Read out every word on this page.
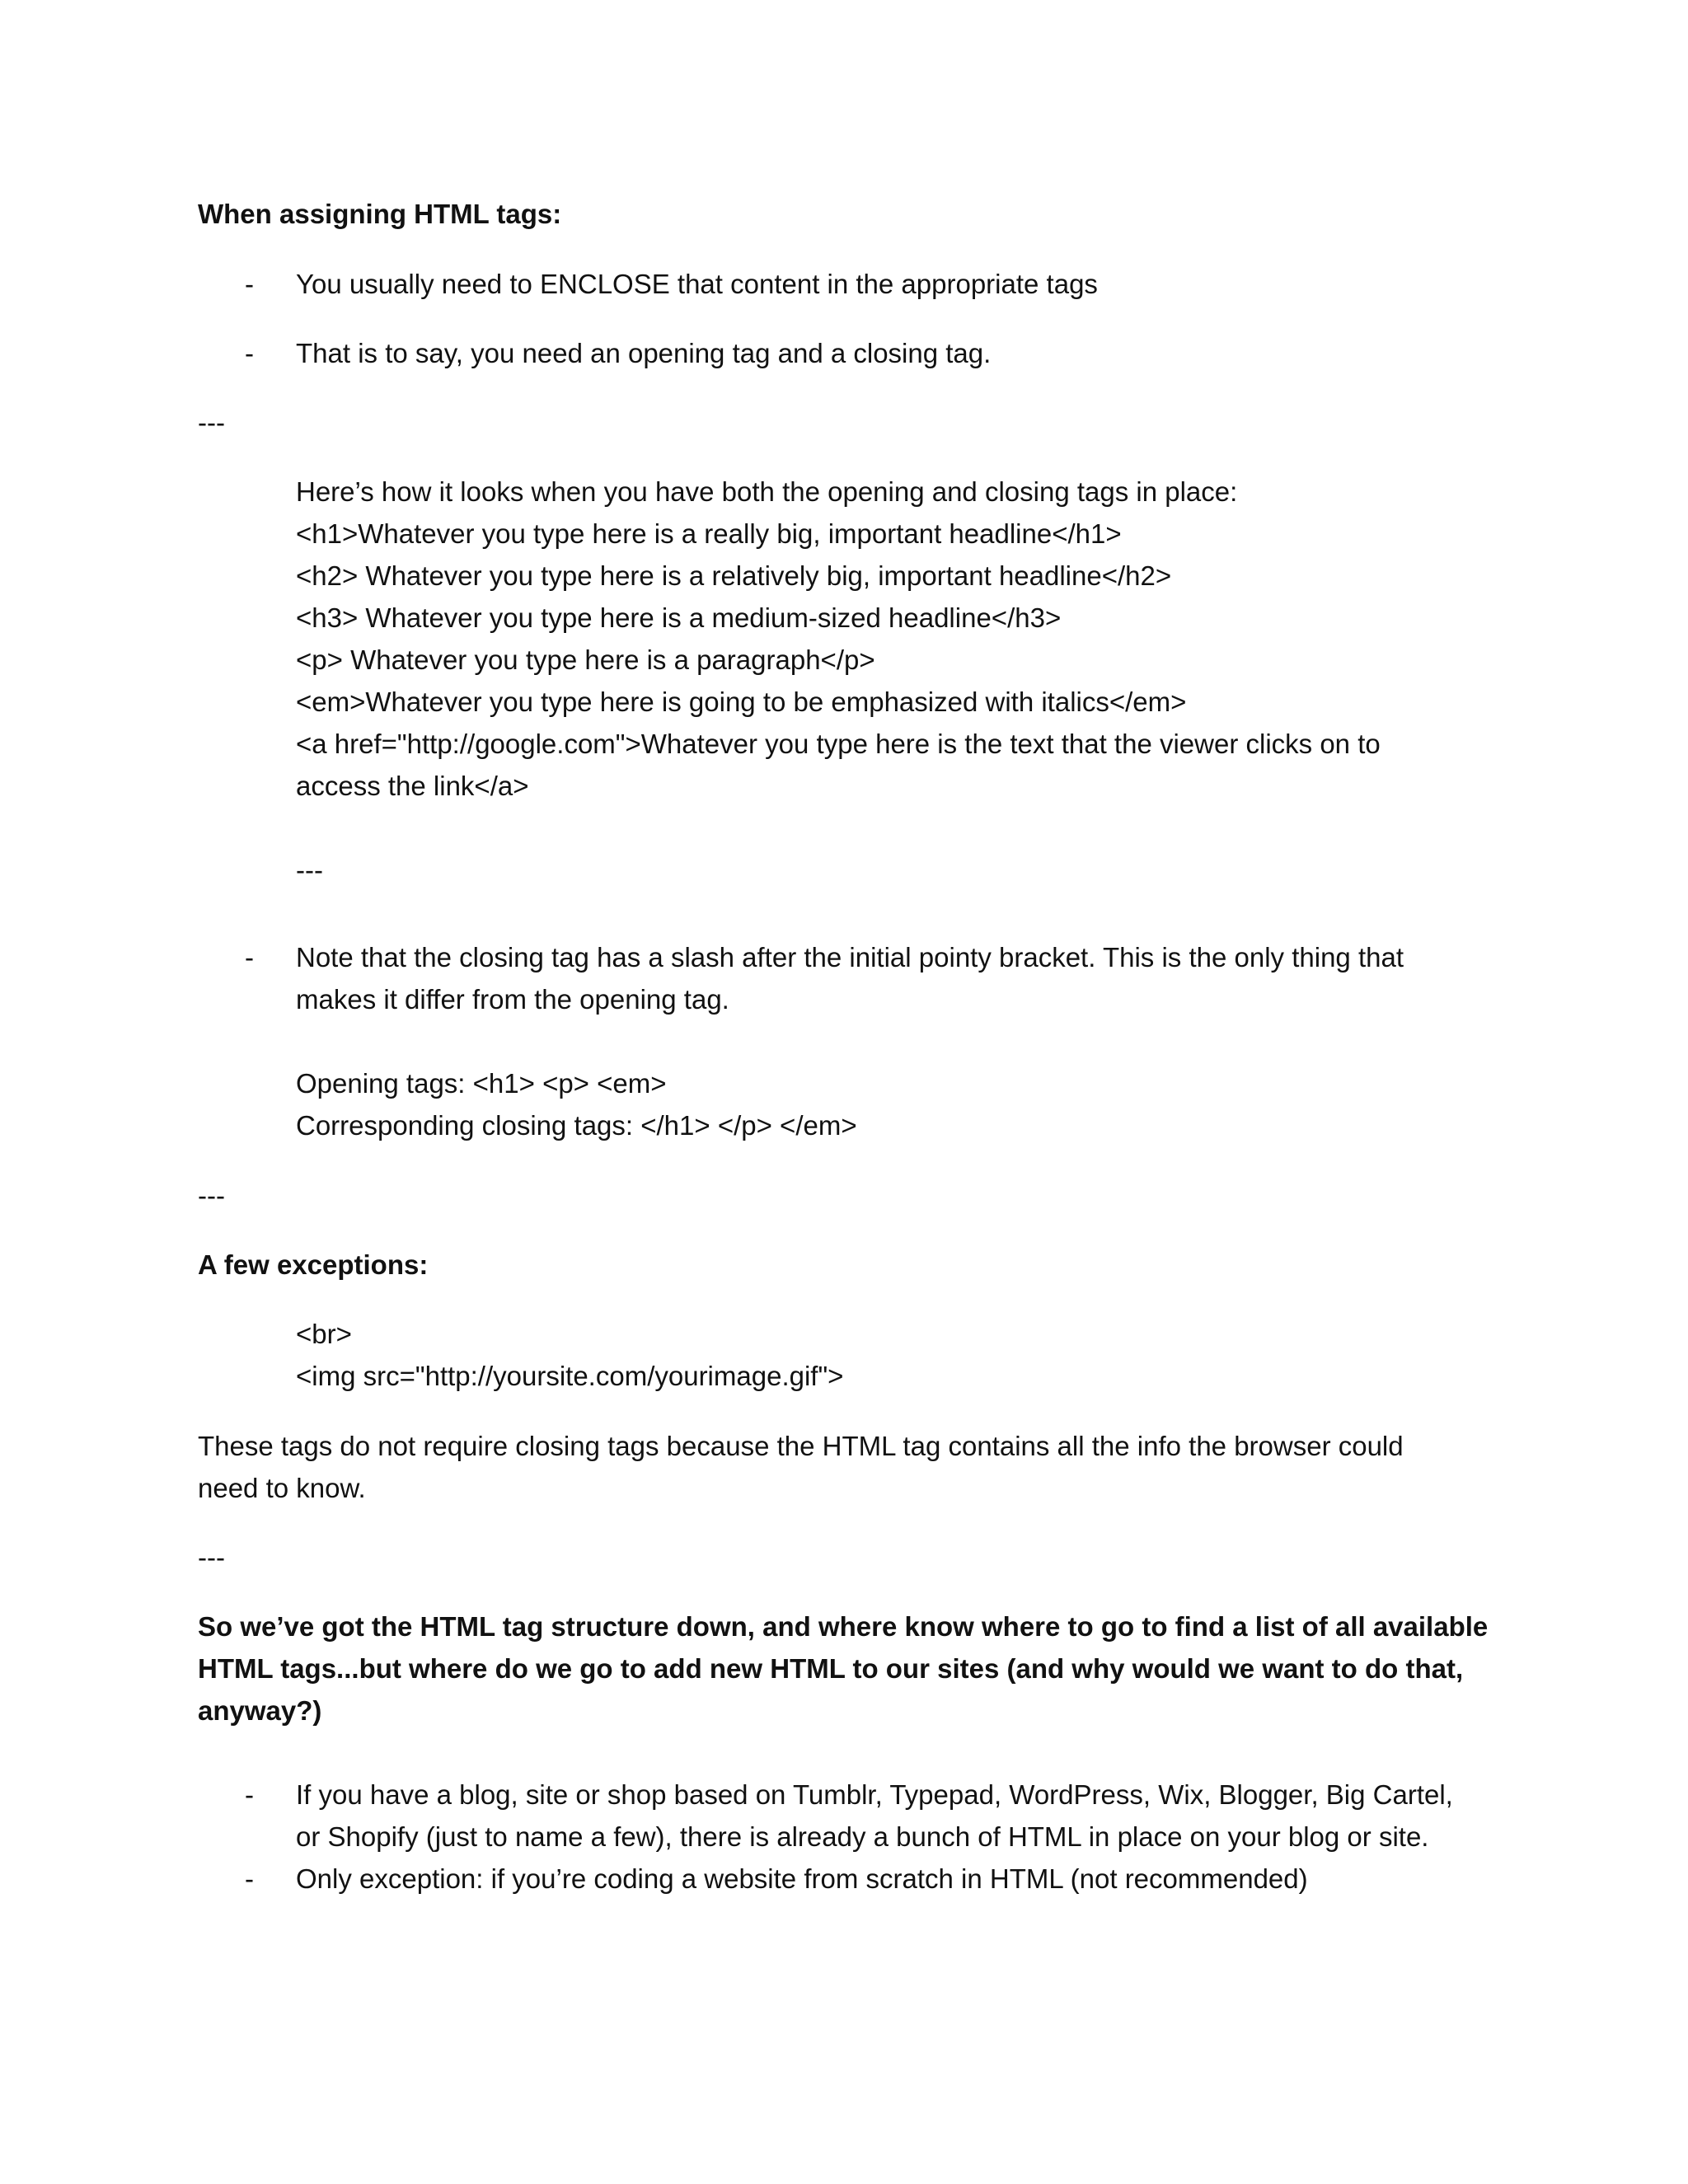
When assigning HTML tags:
- You usually need to ENCLOSE that content in the appropriate tags
- That is to say, you need an opening tag and a closing tag.
---
Here’s how it looks when you have both the opening and closing tags in place:
<h1>Whatever you type here is a really big, important headline</h1>
<h2> Whatever you type here is a relatively big, important headline</h2>
<h3> Whatever you type here is a medium-sized headline</h3>
<p> Whatever you type here is a paragraph</p>
<em>Whatever you type here is going to be emphasized with italics</em>
<a href="http://google.com">Whatever you type here is the text that the viewer clicks on to
access the link</a>
---
- Note that the closing tag has a slash after the initial pointy bracket. This is the only thing that
makes it differ from the opening tag.
Opening tags: <h1> <p> <em>
Corresponding closing tags: </h1> </p> </em>
---
A few exceptions:
<br>
<img src="http://yoursite.com/yourimage.gif">
These tags do not require closing tags because the HTML tag contains all the info the browser could
need to know.
---
So we’ve got the HTML tag structure down, and where know where to go to find a list of all available
HTML tags...but where do we go to add new HTML to our sites (and why would we want to do that,
anyway?)
- If you have a blog, site or shop based on Tumblr, Typepad, WordPress, Wix, Blogger, Big Cartel,
or Shopify (just to name a few), there is already a bunch of HTML in place on your blog or site.
- Only exception: if you’re coding a website from scratch in HTML (not recommended)
